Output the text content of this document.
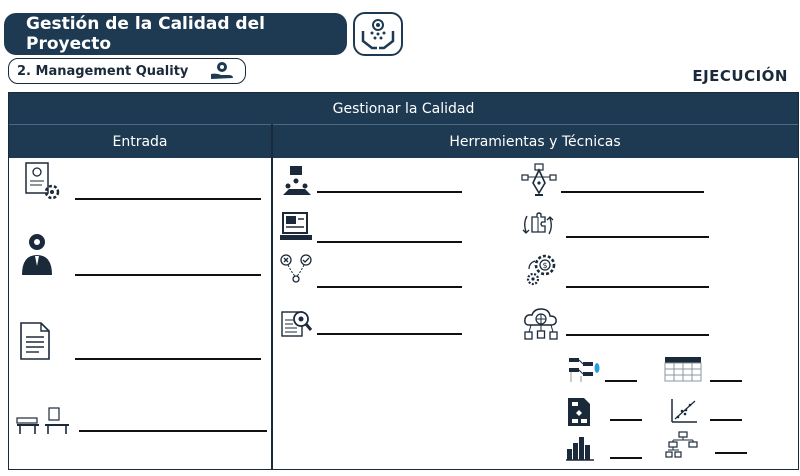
Gestión de la Calidad del Proyecto
2. Management Quality	EJECUCIÓN
Gestionar la Calidad
Entrada	Herramientas y Técnicas
$
